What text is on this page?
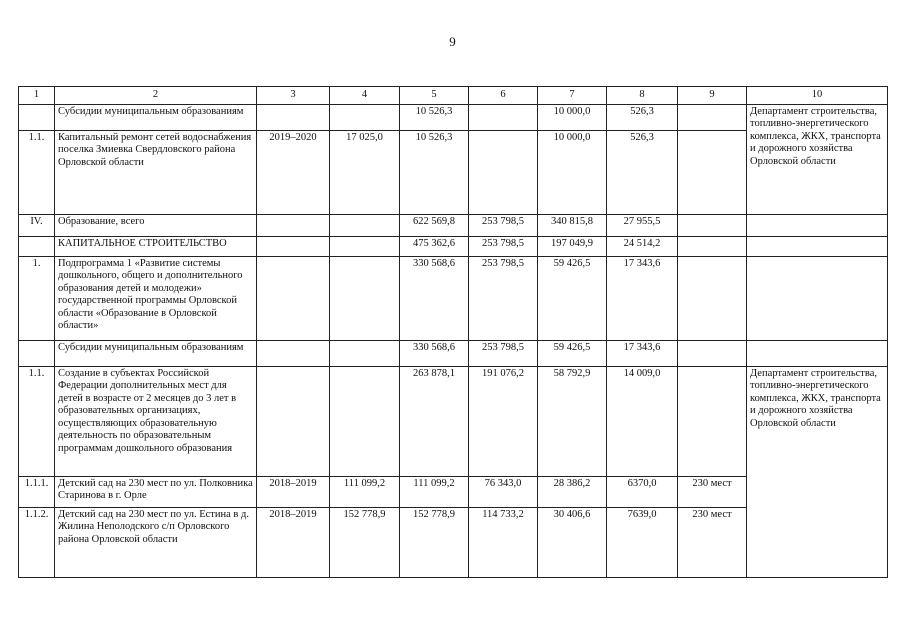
9
1	2	3	4	5	6	7	8	9	10
	Субсидии муниципальным образованиям			10 526,3		10 000,0	526,3		Департамент строительства, топливно-энергетического комплекса, ЖКХ, транспорта и дорожного хозяйства Орловской области
1.1.	Капитальный ремонт сетей водоснабжения поселка Змиевка Свердловского района Орловской области	2019–2020	17 025,0	10 526,3		10 000,0	526,3		
IV.	Образование, всего			622 569,8	253 798,5	340 815,8	27 955,5		
	КАПИТАЛЬНОЕ СТРОИТЕЛЬСТВО			475 362,6	253 798,5	197 049,9	24 514,2		
1.	Подпрограмма 1 «Развитие системы дошкольного, общего и дополнительного образования детей и молодежи» государственной программы Орловской области «Образование в Орловской области»			330 568,6	253 798,5	59 426,5	17 343,6		
	Субсидии муниципальным образованиям			330 568,6	253 798,5	59 426,5	17 343,6		
1.1.	Создание в субъектах Российской Федерации дополнительных мест для детей в возрасте от 2 месяцев до 3 лет в образовательных организациях, осуществляющих образовательную деятельность по образовательным программам дошкольного образования			263 878,1	191 076,2	58 792,9	14 009,0		Департамент строительства, топливно-энергетического комплекса, ЖКХ, транспорта и дорожного хозяйства Орловской области
1.1.1.	Детский сад на 230 мест по ул. Полковника Старинова в г. Орле	2018–2019	111 099,2	111 099,2	76 343,0	28 386,2	6370,0	230 мест	
1.1.2.	Детский сад на 230 мест по ул. Естина в д. Жилина Неполодского с/п Орловского района Орловской области	2018–2019	152 778,9	152 778,9	114 733,2	30 406,6	7639,0	230 мест	
